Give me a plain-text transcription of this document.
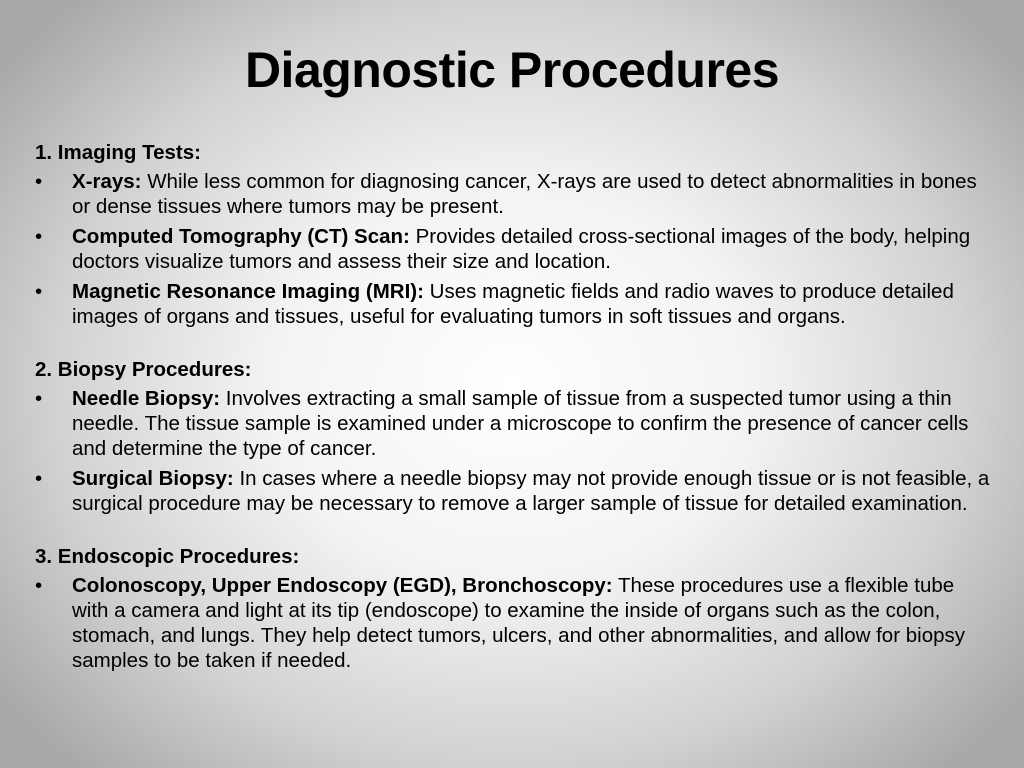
Diagnostic Procedures

1. Imaging Tests:

•	X-rays: While less common for diagnosing cancer, X-rays are used to detect abnormalities in bones or dense tissues where tumors may be present.
•	Computed Tomography (CT) Scan: Provides detailed cross-sectional images of the body, helping doctors visualize tumors and assess their size and location.
•	Magnetic Resonance Imaging (MRI): Uses magnetic fields and radio waves to produce detailed images of organs and tissues, useful for evaluating tumors in soft tissues and organs.

2. Biopsy Procedures:

•	Needle Biopsy: Involves extracting a small sample of tissue from a suspected tumor using a thin needle. The tissue sample is examined under a microscope to confirm the presence of cancer cells and determine the type of cancer.
•	Surgical Biopsy: In cases where a needle biopsy may not provide enough tissue or is not feasible, a surgical procedure may be necessary to remove a larger sample of tissue for detailed examination.

3. Endoscopic Procedures:

•	Colonoscopy, Upper Endoscopy (EGD), Bronchoscopy: These procedures use a flexible tube with a camera and light at its tip (endoscope) to examine the inside of organs such as the colon, stomach, and lungs. They help detect tumors, ulcers, and other abnormalities, and allow for biopsy samples to be taken if needed.
